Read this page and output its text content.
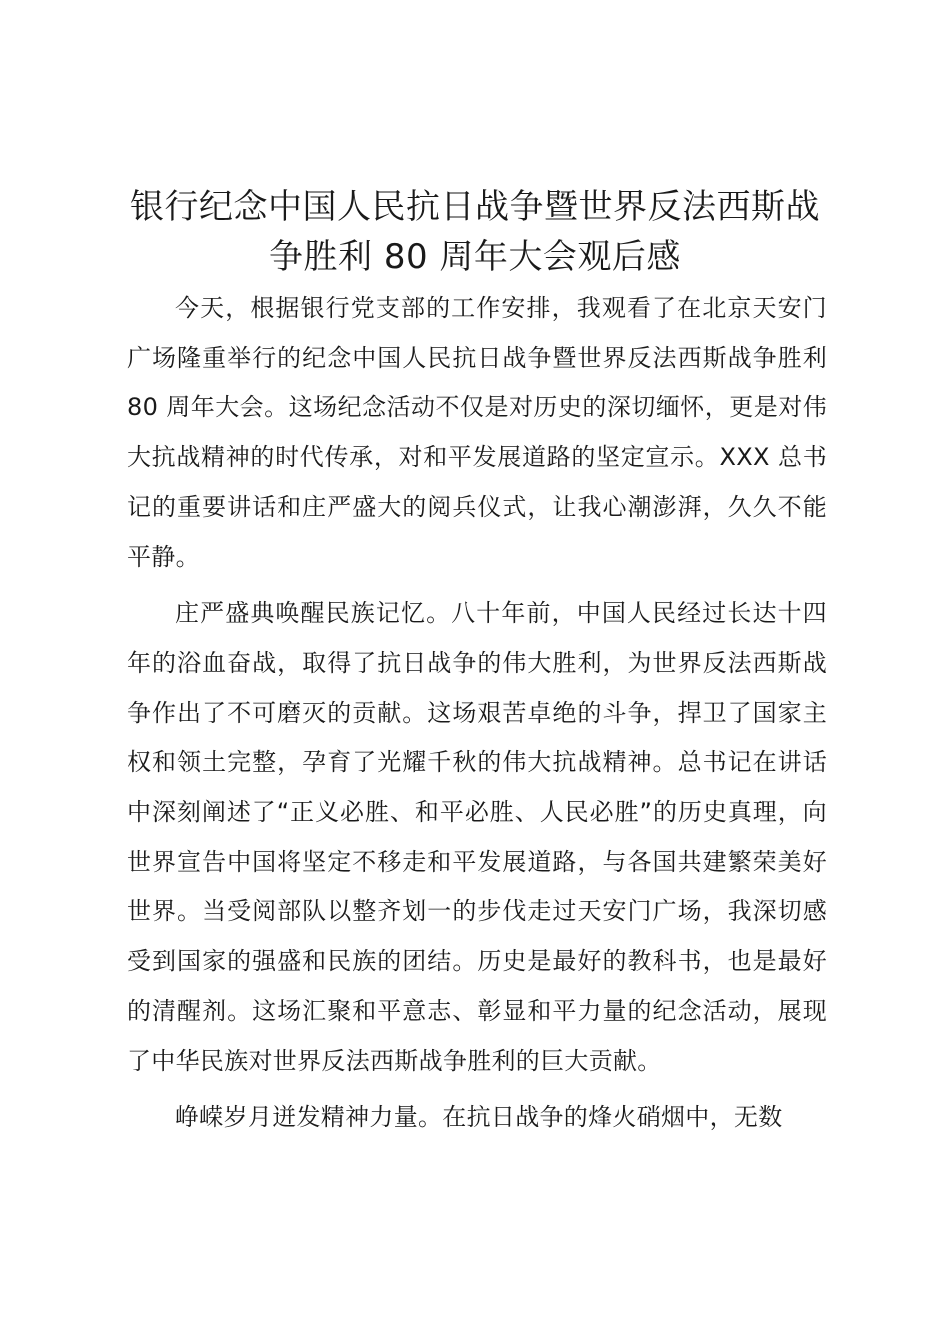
银行纪念中国人民抗日战争暨世界反法西斯战
争胜利 80 周年大会观后感

今天，根据银行党支部的工作安排，我观看了在北京天安门广场隆重举行的纪念中国人民抗日战争暨世界反法西斯战争胜利 80 周年大会。这场纪念活动不仅是对历史的深切缅怀，更是对伟大抗战精神的时代传承，对和平发展道路的坚定宣示。XXX 总书记的重要讲话和庄严盛大的阅兵仪式，让我心潮澎湃，久久不能平静。

庄严盛典唤醒民族记忆。八十年前，中国人民经过长达十四年的浴血奋战，取得了抗日战争的伟大胜利，为世界反法西斯战争作出了不可磨灭的贡献。这场艰苦卓绝的斗争，捍卫了国家主权和领土完整，孕育了光耀千秋的伟大抗战精神。总书记在讲话中深刻阐述了“正义必胜、和平必胜、人民必胜”的历史真理，向世界宣告中国将坚定不移走和平发展道路，与各国共建繁荣美好世界。当受阅部队以整齐划一的步伐走过天安门广场，我深切感受到国家的强盛和民族的团结。历史是最好的教科书，也是最好的清醒剂。这场汇聚和平意志、彰显和平力量的纪念活动，展现了中华民族对世界反法西斯战争胜利的巨大贡献。

峥嵘岁月迸发精神力量。在抗日战争的烽火硝烟中，无数
